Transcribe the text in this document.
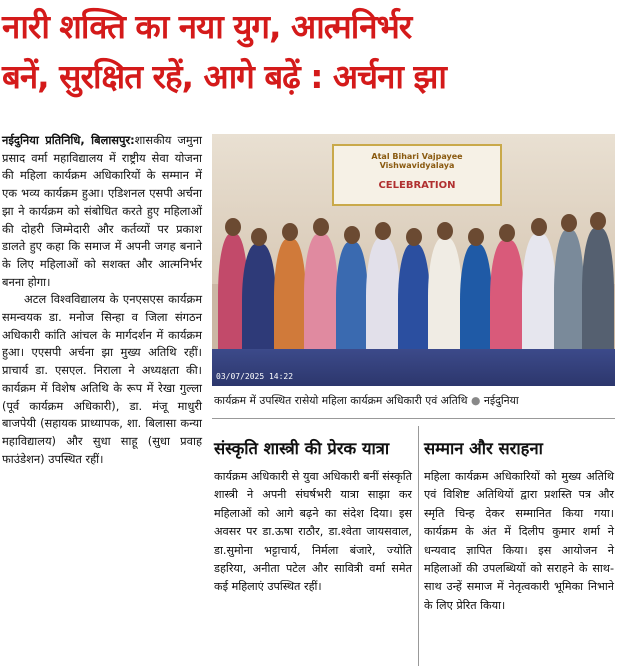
नारी शक्ति का नया युग, आत्मनिर्भर
बनें, सुरक्षित रहें, आगे बढ़ें : अर्चना झा

नईदुनिया प्रतिनिधि, बिलासपुर:शासकीय जमुना प्रसाद वर्मा महाविद्यालय में राष्ट्रीय सेवा योजना की महिला कार्यक्रम अधिकारियों के सम्मान में एक भव्य कार्यक्रम हुआ। एडिशनल एसपी अर्चना झा ने कार्यक्रम को संबोधित करते हुए महिलाओं की दोहरी जिम्मेदारी और कर्तव्यों पर प्रकाश डालते हुए कहा कि समाज में अपनी जगह बनाने के लिए महिलाओं को सशक्त और आत्मनिर्भर बनना होगा।

अटल विश्वविद्यालय के एनएसएस कार्यक्रम समन्वयक डा. मनोज सिन्हा व जिला संगठन अधिकारी कांति आंचल के मार्गदर्शन में कार्यक्रम हुआ। एएसपी अर्चना झा मुख्य अतिथि रहीं। प्राचार्य डा. एसएल. निराला ने अध्यक्षता की। कार्यक्रम में विशेष अतिथि के रूप में रेखा गुल्ला (पूर्व कार्यक्रम अधिकारी), डा. मंजू माधुरी बाजपेयी (सहायक प्राध्यापक, शा. बिलासा कन्या महाविद्यालय) और सुधा साहू (सुधा प्रवाह फाउंडेशन) उपस्थित रहीं।

Atal Bihari Vajpayee Vishwavidyalaya
CELEBRATION
03/07/2025 14:22
कार्यक्रम में उपस्थित रासेयो महिला कार्यक्रम अधिकारी एवं अतिथि ● नईदुनिया
संस्कृति शास्त्री की प्रेरक यात्रा
कार्यक्रम अधिकारी से युवा अधिकारी बनीं संस्कृति शास्त्री ने अपनी संघर्षभरी यात्रा साझा कर महिलाओं को आगे बढ़ने का संदेश दिया। इस अवसर पर डा.ऊषा राठौर, डा.श्वेता जायसवाल, डा.सुमोना भट्टाचार्य, निर्मला बंजारे, ज्योति डहरिया, अनीता पटेल और सावित्री वर्मा समेत कई महिलाएं उपस्थित रहीं।
सम्मान और सराहना
महिला कार्यक्रम अधिकारियों को मुख्य अतिथि एवं विशिष्ट अतिथियों द्वारा प्रशस्ति पत्र और स्मृति चिन्ह देकर सम्मानित किया गया। कार्यक्रम के अंत में दिलीप कुमार शर्मा ने धन्यवाद ज्ञापित किया। इस आयोजन ने महिलाओं की उपलब्धियों को सराहने के साथ-साथ उन्हें समाज में नेतृत्वकारी भूमिका निभाने के लिए प्रेरित किया।
